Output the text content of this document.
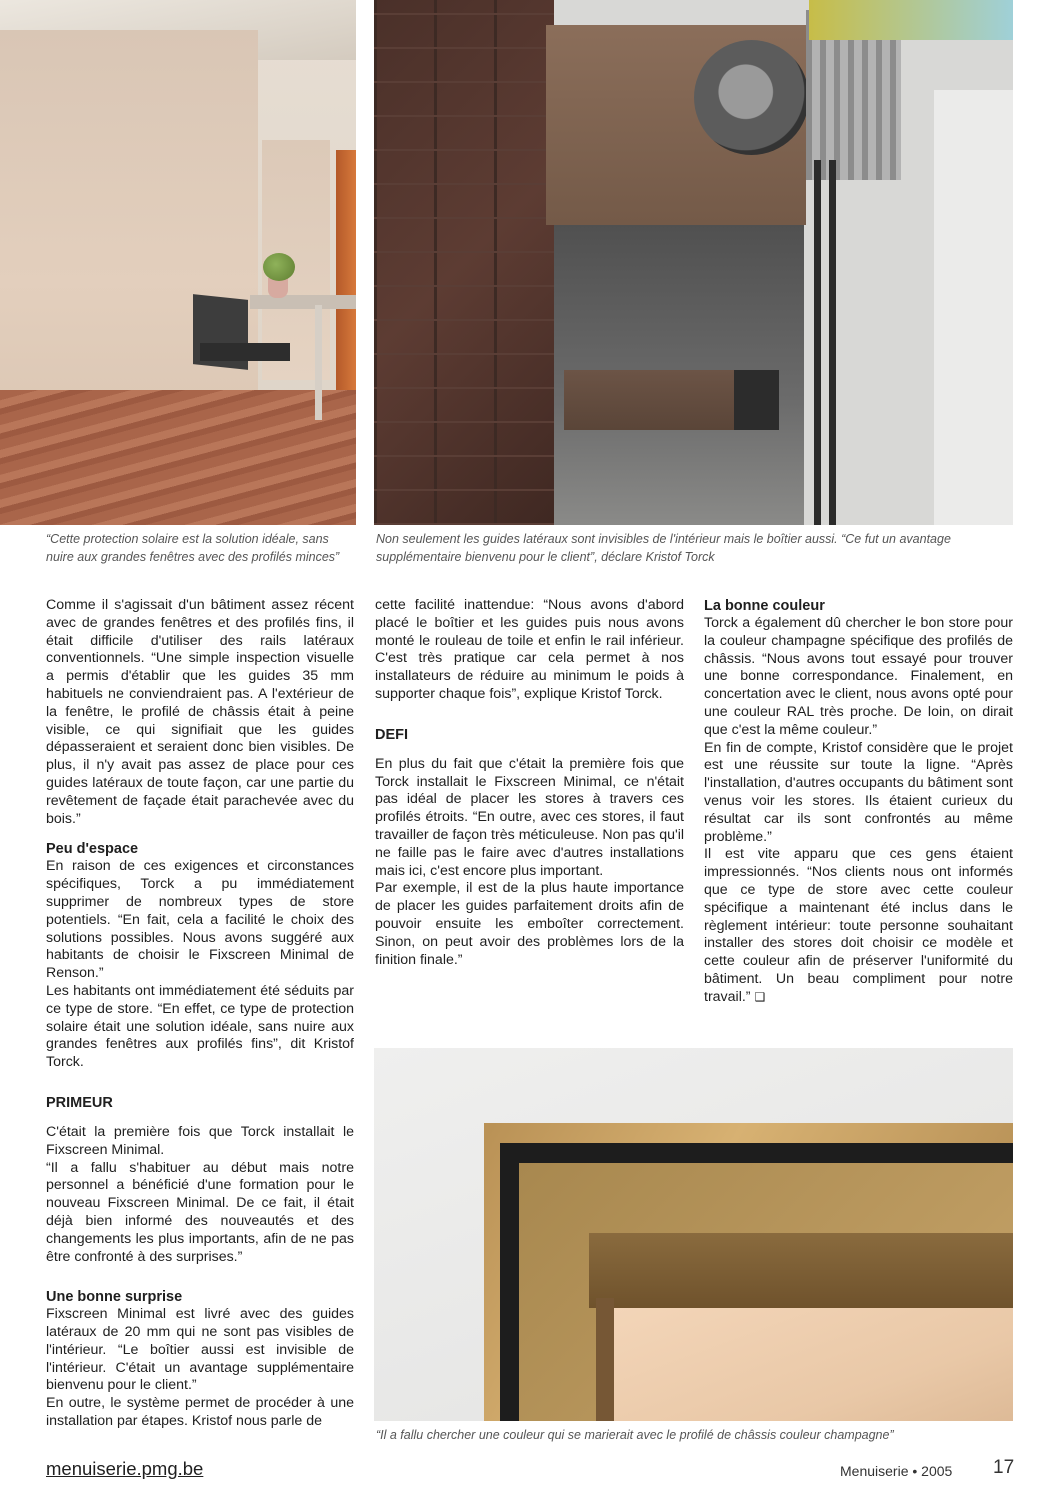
“Cette protection solaire est la solution idéale, sans nuire aux grandes fenêtres avec des profilés minces”
Non seulement les guides latéraux sont invisibles de l'intérieur mais le boîtier aussi. “Ce fut un avantage supplémentaire bienvenu pour le client”, déclare Kristof Torck

Comme il s'agissait d'un bâtiment assez récent avec de grandes fenêtres et des profilés fins, il était difficile d'utiliser des rails latéraux conventionnels. “Une simple inspection visuelle a permis d'établir que les guides 35 mm habituels ne conviendraient pas. A l'extérieur de la fenêtre, le profilé de châssis était à peine visible, ce qui signifiait que les guides dépasseraient et seraient donc bien visibles. De plus, il n'y avait pas assez de place pour ces guides latéraux de toute façon, car une partie du revêtement de façade était parachevée avec du bois.”

Peu d'espace

En raison de ces exigences et circonstances spécifiques, Torck a pu immédiatement supprimer de nombreux types de store potentiels. “En fait, cela a facilité le choix des solutions possibles. Nous avons suggéré aux habitants de choisir le Fixscreen Minimal de Renson.”

Les habitants ont immédiatement été séduits par ce type de store. “En effet, ce type de protection solaire était une solution idéale, sans nuire aux grandes fenêtres aux profilés fins”, dit Kristof Torck.

PRIMEUR

C'était la première fois que Torck installait le Fixscreen Minimal.

“Il a fallu s'habituer au début mais notre personnel a bénéficié d'une formation pour le nouveau Fixscreen Minimal. De ce fait, il était déjà bien informé des nouveautés et des changements les plus importants, afin de ne pas être confronté à des surprises.”

Une bonne surprise

Fixscreen Minimal est livré avec des guides latéraux de 20 mm qui ne sont pas visibles de l'intérieur. “Le boîtier aussi est invisible de l'intérieur. C'était un avantage supplémentaire bienvenu pour le client.”

En outre, le système permet de procéder à une installation par étapes. Kristof nous parle de

cette facilité inattendue: “Nous avons d'abord placé le boîtier et les guides puis nous avons monté le rouleau de toile et enfin le rail inférieur. C'est très pratique car cela permet à nos installateurs de réduire au minimum le poids à supporter chaque fois”, explique Kristof Torck.

DEFI

En plus du fait que c'était la première fois que Torck installait le Fixscreen Minimal, ce n'était pas idéal de placer les stores à travers ces profilés étroits. “En outre, avec ces stores, il faut travailler de façon très méticuleuse. Non pas qu'il ne faille pas le faire avec d'autres installations mais ici, c'est encore plus important.

Par exemple, il est de la plus haute importance de placer les guides parfaitement droits afin de pouvoir ensuite les emboîter correctement. Sinon, on peut avoir des problèmes lors de la finition finale.”

La bonne couleur

Torck a également dû chercher le bon store pour la couleur champagne spécifique des profilés de châssis. “Nous avons tout essayé pour trouver une bonne correspondance. Finalement, en concertation avec le client, nous avons opté pour une couleur RAL très proche. De loin, on dirait que c'est la même couleur.”

En fin de compte, Kristof considère que le projet est une réussite sur toute la ligne. “Après l'installation, d'autres occupants du bâtiment sont venus voir les stores. Ils étaient curieux du résultat car ils sont confrontés au même problème.”

Il est vite apparu que ces gens étaient impressionnés. “Nos clients nous ont informés que ce type de store avec cette couleur spécifique a maintenant été inclus dans le règlement intérieur: toute personne souhaitant installer des stores doit choisir ce modèle et cette couleur afin de préserver l'uniformité du bâtiment. Un beau compliment pour notre travail.” ❑

“Il a fallu chercher une couleur qui se marierait avec le profilé de châssis couleur champagne”
menuiserie.pmg.be	Menuiserie • 2005 17
